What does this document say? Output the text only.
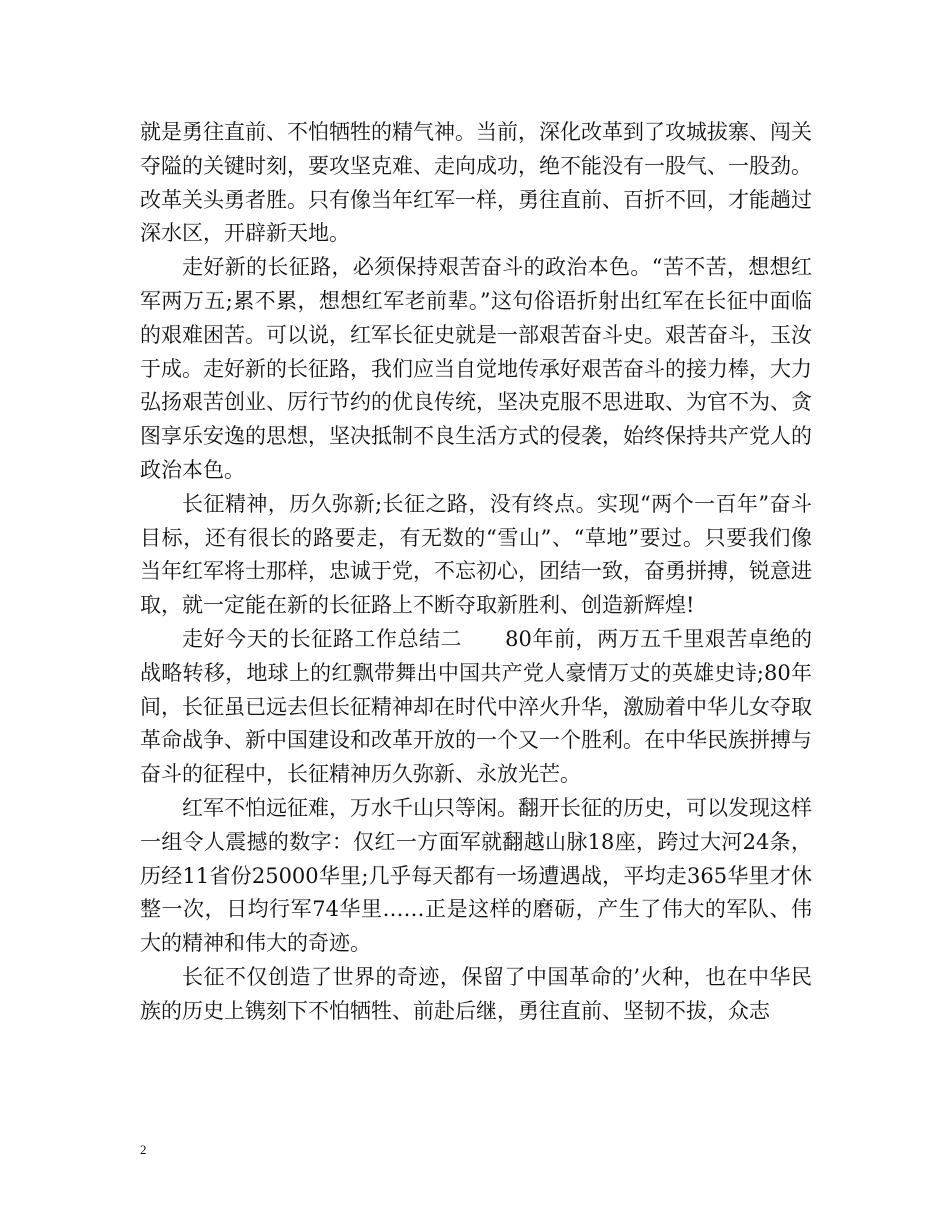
就是勇往直前、不怕牺牲的精气神。当前，深化改革到了攻城拔寨、闯关夺隘的关键时刻，要攻坚克难、走向成功，绝不能没有一股气、一股劲。改革关头勇者胜。只有像当年红军一样，勇往直前、百折不回，才能趟过深水区，开辟新天地。

走好新的长征路，必须保持艰苦奋斗的政治本色。“苦不苦，想想红军两万五;累不累，想想红军老前辈。”这句俗语折射出红军在长征中面临的艰难困苦。可以说，红军长征史就是一部艰苦奋斗史。艰苦奋斗，玉汝于成。走好新的长征路，我们应当自觉地传承好艰苦奋斗的接力棒，大力弘扬艰苦创业、厉行节约的优良传统，坚决克服不思进取、为官不为、贪图享乐安逸的思想，坚决抵制不良生活方式的侵袭，始终保持共产党人的政治本色。

长征精神，历久弥新;长征之路，没有终点。实现“两个一百年”奋斗目标，还有很长的路要走，有无数的“雪山”、“草地”要过。只要我们像当年红军将士那样，忠诚于党，不忘初心，团结一致，奋勇拼搏，锐意进取，就一定能在新的长征路上不断夺取新胜利、创造新辉煌!

走好今天的长征路工作总结二　　80年前，两万五千里艰苦卓绝的战略转移，地球上的红飘带舞出中国共产党人豪情万丈的英雄史诗;80年间，长征虽已远去但长征精神却在时代中淬火升华，激励着中华儿女夺取革命战争、新中国建设和改革开放的一个又一个胜利。在中华民族拼搏与奋斗的征程中，长征精神历久弥新、永放光芒。

红军不怕远征难，万水千山只等闲。翻开长征的历史，可以发现这样一组令人震撼的数字：仅红一方面军就翻越山脉18座，跨过大河24条，历经11省份25000华里;几乎每天都有一场遭遇战，平均走365华里才休整一次，日均行军74华里……正是这样的磨砺，产生了伟大的军队、伟大的精神和伟大的奇迹。

长征不仅创造了世界的奇迹，保留了中国革命的’火种，也在中华民族的历史上镌刻下不怕牺牲、前赴后继，勇往直前、坚韧不拔，众志

2
